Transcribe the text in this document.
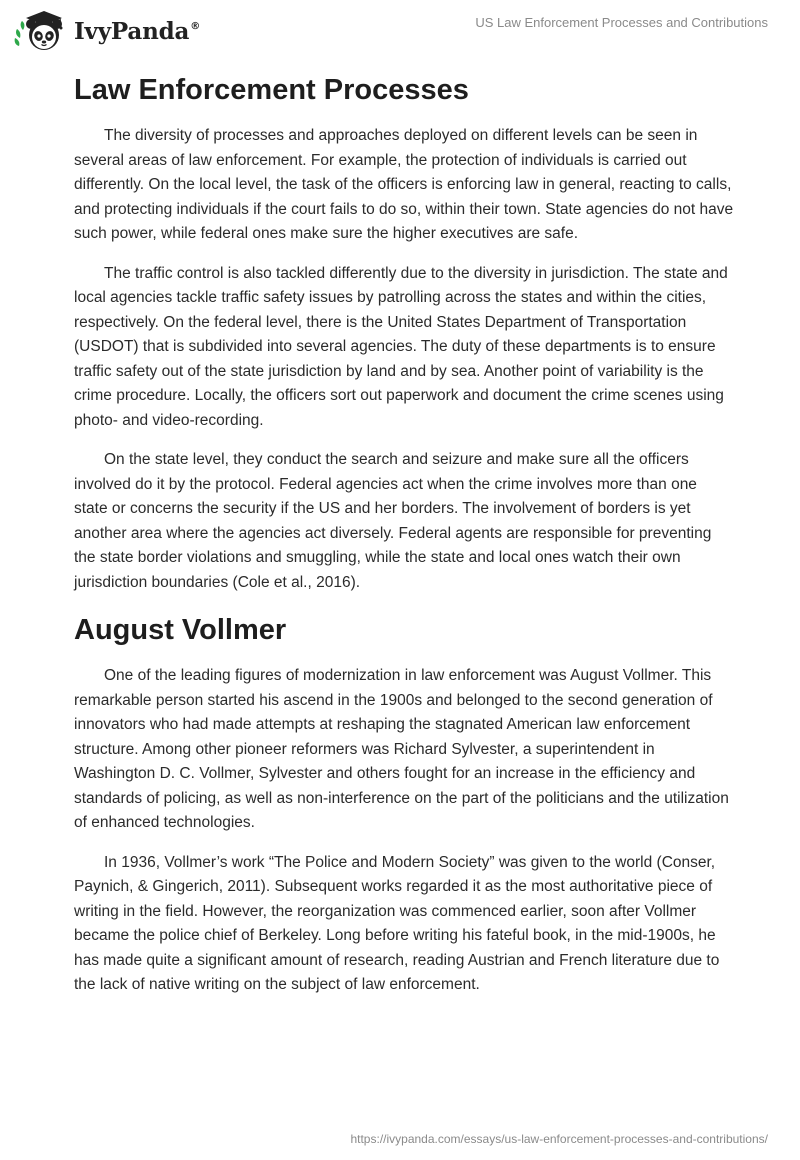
IvyPanda®	US Law Enforcement Processes and Contributions
Law Enforcement Processes

The diversity of processes and approaches deployed on different levels can be seen in several areas of law enforcement. For example, the protection of individuals is carried out differently. On the local level, the task of the officers is enforcing law in general, reacting to calls, and protecting individuals if the court fails to do so, within their town. State agencies do not have such power, while federal ones make sure the higher executives are safe.

The traffic control is also tackled differently due to the diversity in jurisdiction. The state and local agencies tackle traffic safety issues by patrolling across the states and within the cities, respectively. On the federal level, there is the United States Department of Transportation (USDOT) that is subdivided into several agencies. The duty of these departments is to ensure traffic safety out of the state jurisdiction by land and by sea. Another point of variability is the crime procedure. Locally, the officers sort out paperwork and document the crime scenes using photo- and video-recording.

On the state level, they conduct the search and seizure and make sure all the officers involved do it by the protocol. Federal agencies act when the crime involves more than one state or concerns the security if the US and her borders. The involvement of borders is yet another area where the agencies act diversely. Federal agents are responsible for preventing the state border violations and smuggling, while the state and local ones watch their own jurisdiction boundaries (Cole et al., 2016).

August Vollmer

One of the leading figures of modernization in law enforcement was August Vollmer. This remarkable person started his ascend in the 1900s and belonged to the second generation of innovators who had made attempts at reshaping the stagnated American law enforcement structure. Among other pioneer reformers was Richard Sylvester, a superintendent in Washington D. C. Vollmer, Sylvester and others fought for an increase in the efficiency and standards of policing, as well as non-interference on the part of the politicians and the utilization of enhanced technologies.

In 1936, Vollmer’s work “The Police and Modern Society” was given to the world (Conser, Paynich, & Gingerich, 2011). Subsequent works regarded it as the most authoritative piece of writing in the field. However, the reorganization was commenced earlier, soon after Vollmer became the police chief of Berkeley. Long before writing his fateful book, in the mid-1900s, he has made quite a significant amount of research, reading Austrian and French literature due to the lack of native writing on the subject of law enforcement.

https://ivypanda.com/essays/us-law-enforcement-processes-and-contributions/
